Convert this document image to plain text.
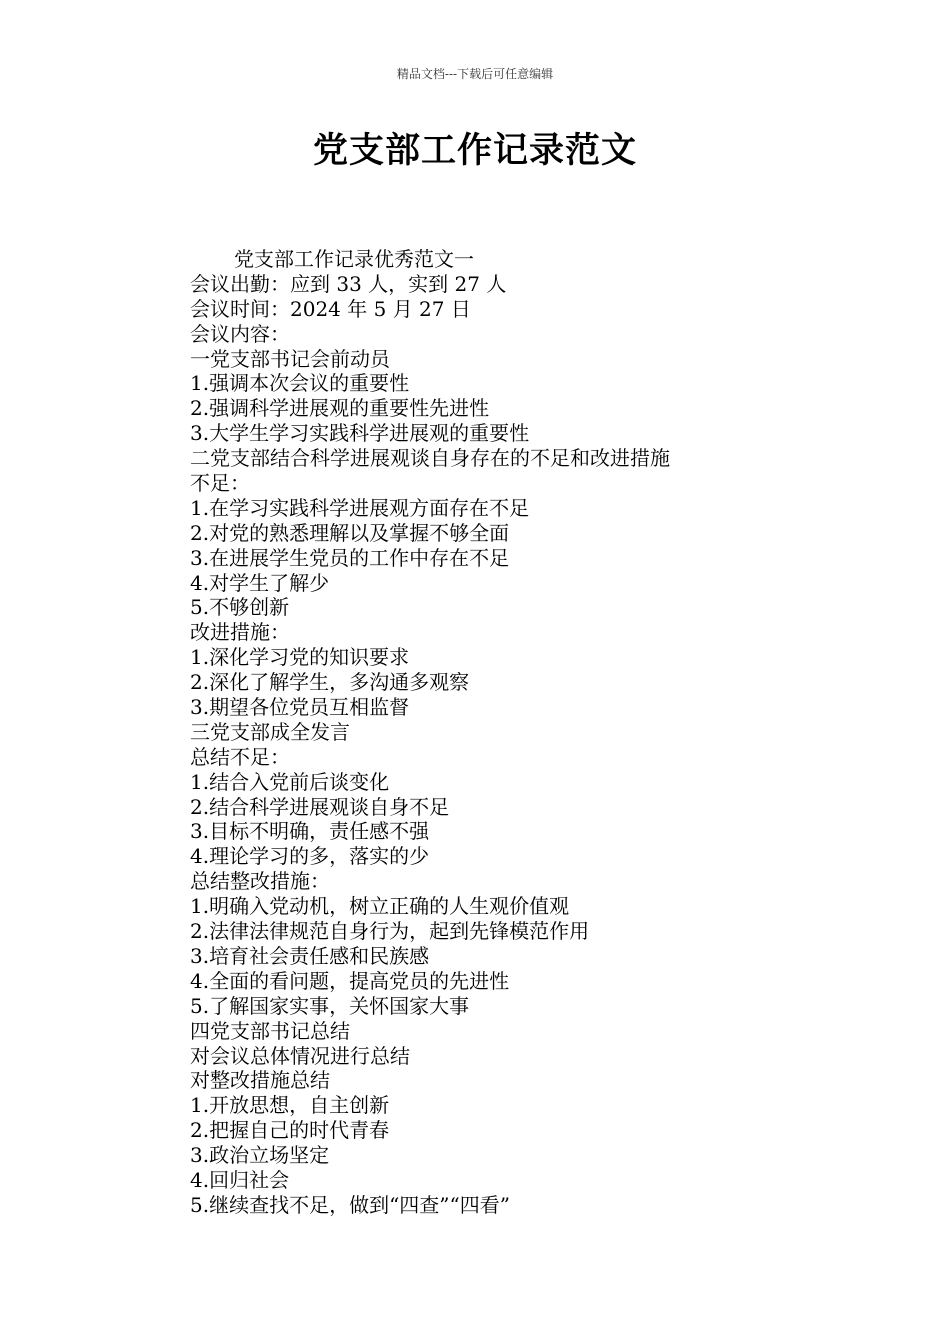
精品文档---下载后可任意编辑
党支部工作记录范文
党支部工作记录优秀范文一
会议出勤：应到 33 人，实到 27 人
会议时间：2024 年 5 月 27 日
会议内容：
一党支部书记会前动员
1.强调本次会议的重要性
2.强调科学进展观的重要性先进性
3.大学生学习实践科学进展观的重要性
二党支部结合科学进展观谈自身存在的不足和改进措施
不足：
1.在学习实践科学进展观方面存在不足
2.对党的熟悉理解以及掌握不够全面
3.在进展学生党员的工作中存在不足
4.对学生了解少
5.不够创新
改进措施：
1.深化学习党的知识要求
2.深化了解学生，多沟通多观察
3.期望各位党员互相监督
三党支部成全发言
总结不足：
1.结合入党前后谈变化
2.结合科学进展观谈自身不足
3.目标不明确，责任感不强
4.理论学习的多，落实的少
总结整改措施：
1.明确入党动机，树立正确的人生观价值观
2.法律法律规范自身行为，起到先锋模范作用
3.培育社会责任感和民族感
4.全面的看问题，提高党员的先进性
5.了解国家实事，关怀国家大事
四党支部书记总结
对会议总体情况进行总结
对整改措施总结
1.开放思想，自主创新
2.把握自己的时代青春
3.政治立场坚定
4.回归社会
5.继续查找不足，做到“四查”“四看”
